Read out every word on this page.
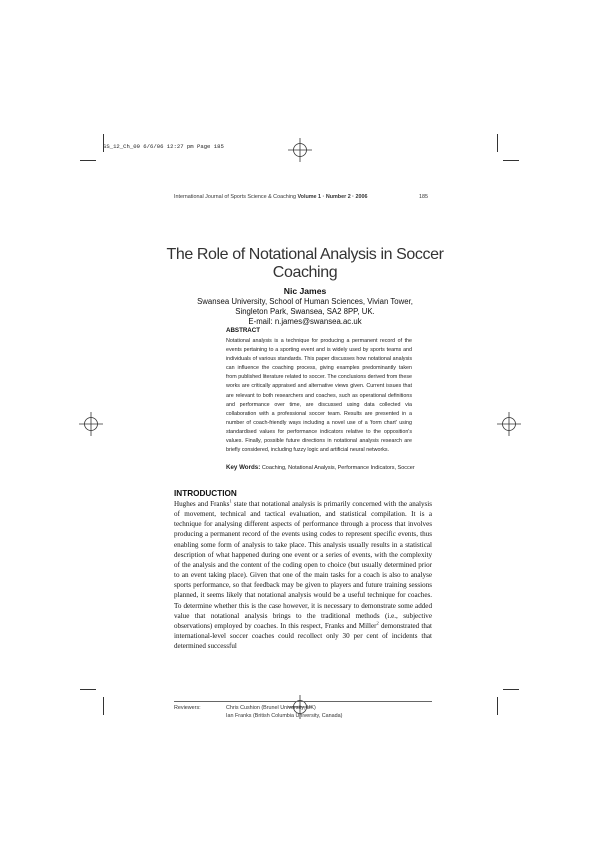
SS_12_Ch_09 6/6/06 12:27 pm Page 185
International Journal of Sports Science & Coaching Volume 1 · Number 2 · 2006	185
The Role of Notational Analysis in Soccer Coaching
Nic James
Swansea University, School of Human Sciences, Vivian Tower,
Singleton Park, Swansea, SA2 8PP, UK.
E-mail: n.james@swansea.ac.uk
ABSTRACT
Notational analysis is a technique for producing a permanent record of the events pertaining to a sporting event and is widely used by sports teams and individuals of various standards. This paper discusses how notational analysis can influence the coaching process, giving examples predominantly taken from published literature related to soccer. The conclusions derived from these works are critically appraised and alternative views given. Current issues that are relevant to both researchers and coaches, such as operational definitions and performance over time, are discussed using data collected via collaboration with a professional soccer team. Results are presented in a number of coach-friendly ways including a novel use of a 'form chart' using standardised values for performance indicators relative to the opposition's values. Finally, possible future directions in notational analysis research are briefly considered, including fuzzy logic and artificial neural networks.
Key Words: Coaching, Notational Analysis, Performance Indicators, Soccer
INTRODUCTION
Hughes and Franks$^1$ state that notational analysis is primarily concerned with the analysis of movement, technical and tactical evaluation, and statistical compilation. It is a technique for analysing different aspects of performance through a process that involves producing a permanent record of the events using codes to represent specific events, thus enabling some form of analysis to take place. This analysis usually results in a statistical description of what happened during one event or a series of events, with the complexity of the analysis and the content of the coding open to choice (but usually determined prior to an event taking place). Given that one of the main tasks for a coach is also to analyse sports performance, so that feedback may be given to players and future training sessions planned, it seems likely that notational analysis would be a useful technique for coaches. To determine whether this is the case however, it is necessary to demonstrate some added value that notational analysis brings to the traditional methods (i.e., subjective observations) employed by coaches. In this respect, Franks and Miller$^2$ demonstrated that international-level soccer coaches could recollect only 30 per cent of incidents that determined successful
Reviewers:	Chris Cushion (Brunel University, UK)
Ian Franks (British Columbia University, Canada)
